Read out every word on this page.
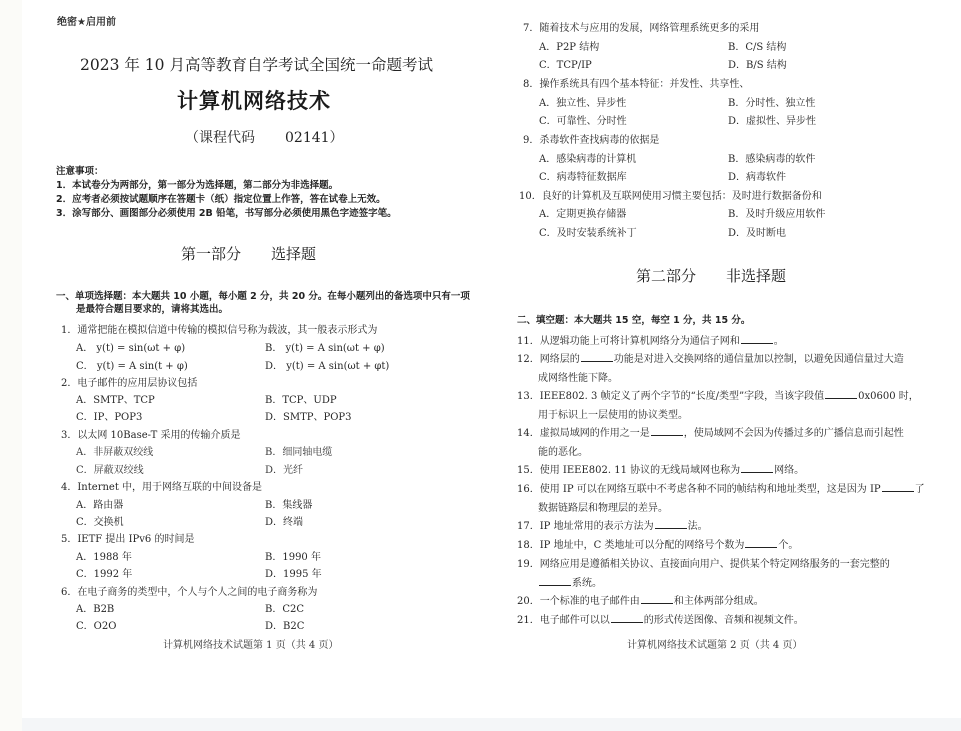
绝密★启用前
2023 年 10 月高等教育自学考试全国统一命题考试
计算机网络技术
（课程代码 02141）
注意事项：
1．本试卷分为两部分，第一部分为选择题，第二部分为非选择题。
2．应考者必须按试题顺序在答题卡（纸）指定位置上作答，答在试卷上无效。
3．涂写部分、画图部分必须使用 2B 铅笔，书写部分必须使用黑色字迹签字笔。
第一部分 选择题
一、单项选择题：本大题共 10 小题，每小题 2 分，共 20 分。在每小题列出的备选项中只有一项是最符合题目要求的，请将其选出。
1．通常把能在模拟信道中传输的模拟信号称为载波，其一般表示形式为
A． y(t) = sin(ωt + φ)	B． y(t) = A sin(ωt + φ)
C． y(t) = A sin(t + φ)	D． y(t) = A sin(ωt + φt)
2．电子邮件的应用层协议包括
A．SMTP、TCP	B．TCP、UDP
C．IP、POP3	D．SMTP、POP3
3．以太网 10Base-T 采用的传输介质是
A．非屏蔽双绞线	B．细同轴电缆
C．屏蔽双绞线	D．光纤
4．Internet 中，用于网络互联的中间设备是
A．路由器	B．集线器
C．交换机	D．终端
5．IETF 提出 IPv6 的时间是
A．1988 年	B．1990 年
C．1992 年	D．1995 年
6．在电子商务的类型中，个人与个人之间的电子商务称为
A．B2B	B．C2C
C．O2O	D．B2C
计算机网络技术试题第 1 页（共 4 页）
7．随着技术与应用的发展，网络管理系统更多的采用
A．P2P 结构	B．C/S 结构
C．TCP/IP	D．B/S 结构
8．操作系统具有四个基本特征：并发性、共享性、
A．独立性、异步性	B．分时性、独立性
C．可靠性、分时性	D．虚拟性、异步性
9．杀毒软件查找病毒的依据是
A．感染病毒的计算机	B．感染病毒的软件
C．病毒特征数据库	D．病毒软件
10．良好的计算机及互联网使用习惯主要包括：及时进行数据备份和
A．定期更换存储器	B．及时升级应用软件
C．及时安装系统补丁	D．及时断电
第二部分 非选择题
二、填空题：本大题共 15 空，每空 1 分，共 15 分。
11．从逻辑功能上可将计算机网络分为通信子网和	。
12．网络层的	功能是对进入交换网络的通信量加以控制，以避免因通信量过大造
成网络性能下降。
13．IEEE802. 3 帧定义了两个字节的“长度/类型”字段，当该字段值	0x0600 时，
用于标识上一层使用的协议类型。
14．虚拟局域网的作用之一是	，使局域网不会因为传播过多的广播信息而引起性
能的恶化。
15．使用 IEEE802. 11 协议的无线局域网也称为	网络。
16．使用 IP 可以在网络互联中不考虑各种不同的帧结构和地址类型，这是因为 IP	了
数据链路层和物理层的差异。
17．IP 地址常用的表示方法为	法。
18．IP 地址中，C 类地址可以分配的网络号个数为	个。
19．网络应用是遵循相关协议、直接面向用户、提供某个特定网络服务的一套完整的
系统。
20．一个标准的电子邮件由	和主体两部分组成。
21．电子邮件可以以	的形式传送图像、音频和视频文件。
计算机网络技术试题第 2 页（共 4 页）
